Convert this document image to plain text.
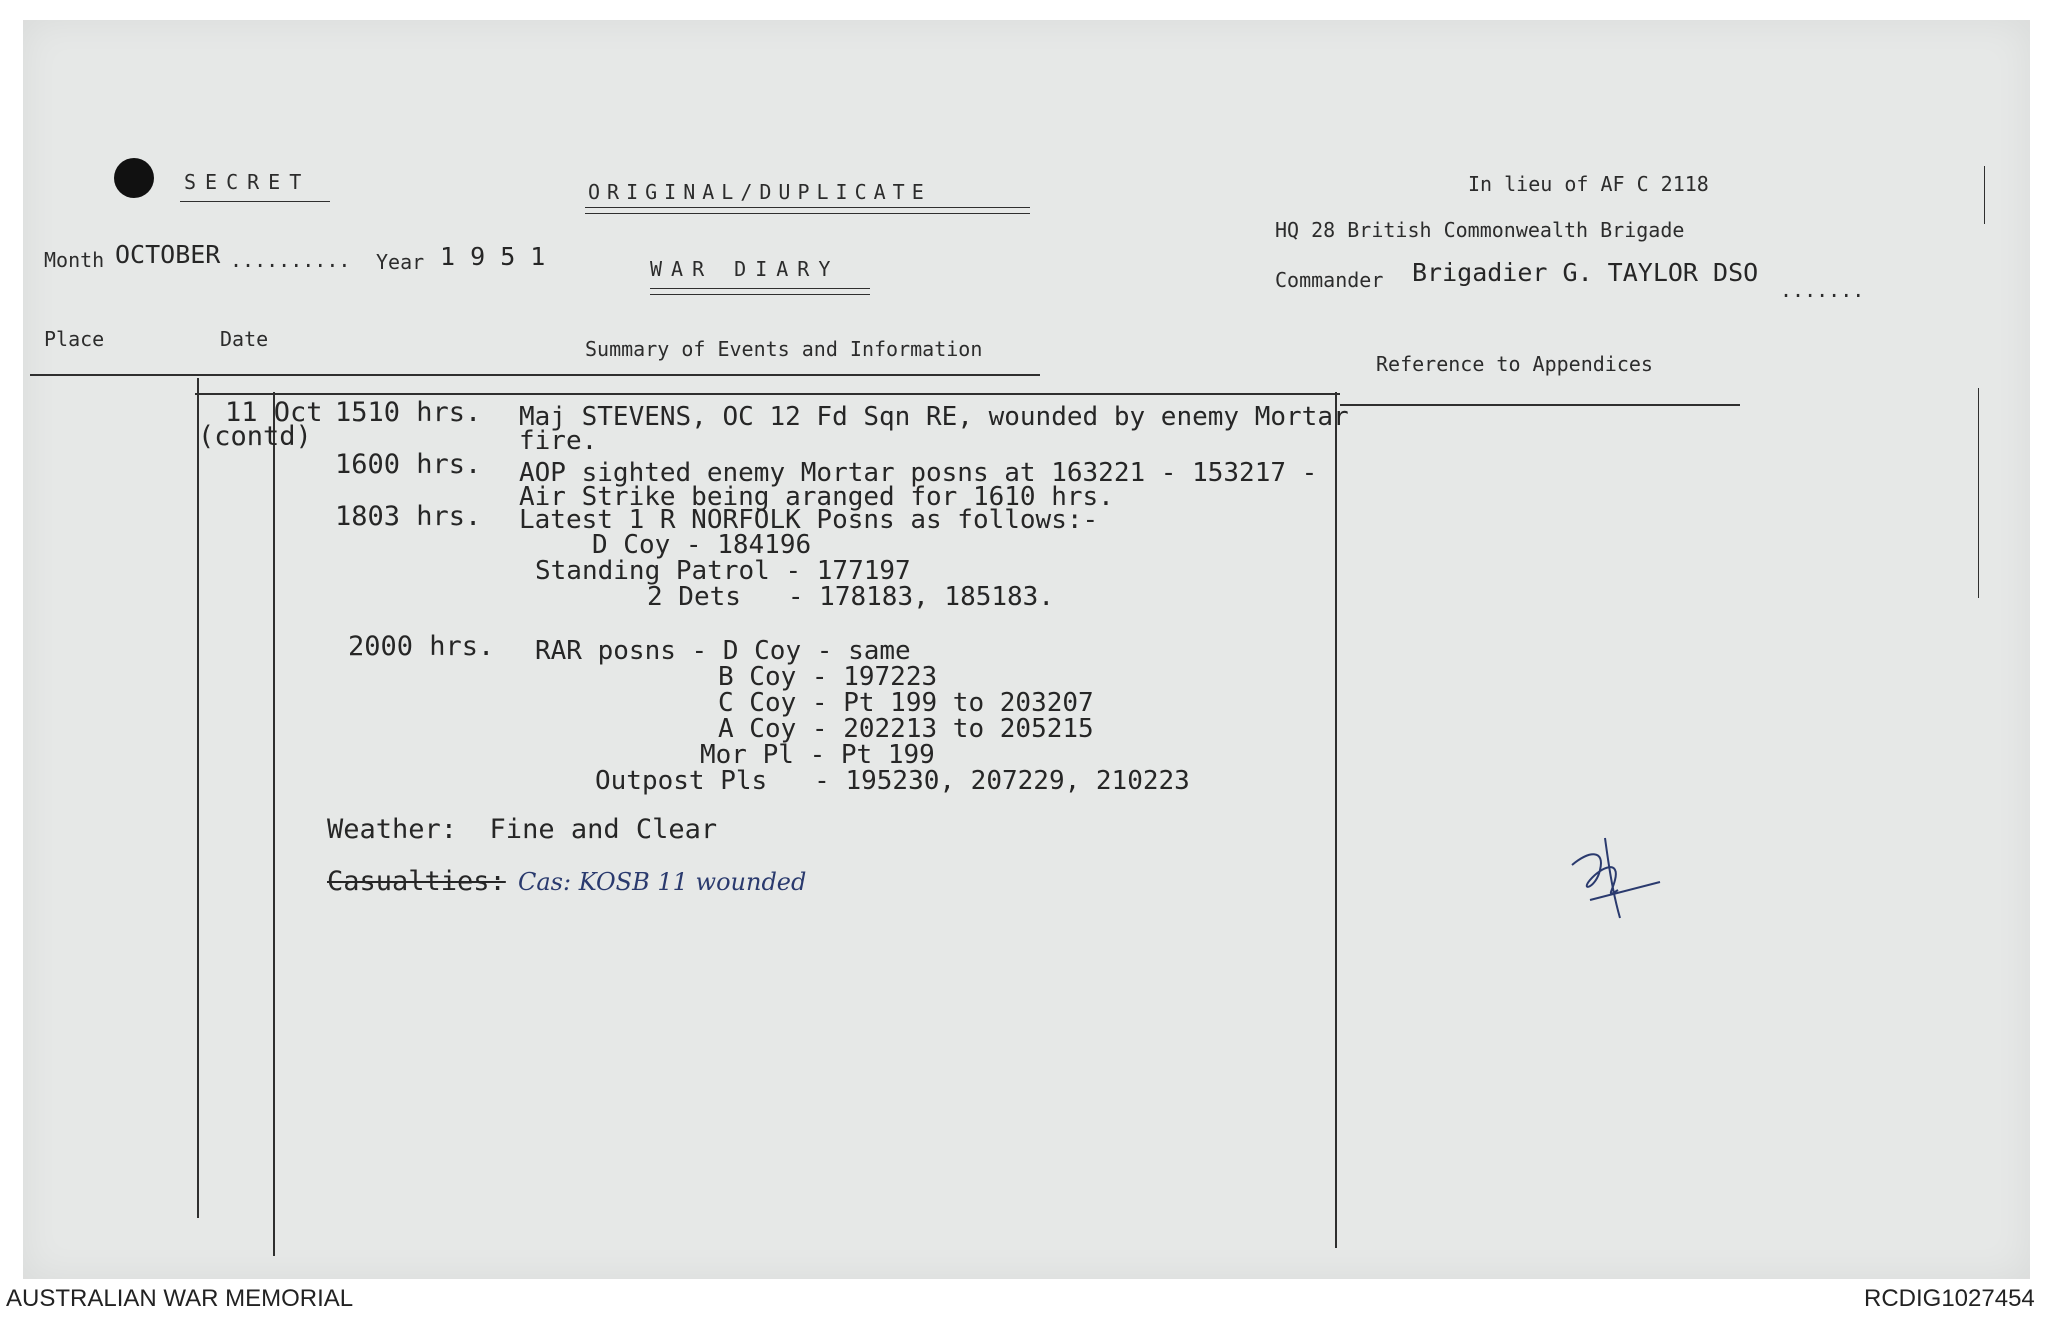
SECRET	ORIGINAL/DUPLICATE
WAR DIARY
In lieu of AF C 2118
HQ 28 British Commonwealth Brigade
Month OCTOBER .......... Year 1 9 5 1
Commander Brigadier G. TAYLOR DSO
.......
Place	Date	Summary of Events and Information
Reference to Appendices
11 Oct
(contd)
1510 hrs. Maj STEVENS, OC 12 Fd Sqn RE, wounded by enemy Mortar
fire.
1600 hrs. AOP sighted enemy Mortar posns at 163221 - 153217 -
Air Strike being aranged for 1610 hrs.
1803 hrs. Latest 1 R NORFOLK Posns as follows:-
D Coy - 184196
Standing Patrol - 177197
2 Dets   - 178183, 185183.
2000 hrs. RAR posns - D Coy - same
B Coy - 197223
C Coy - Pt 199 to 203207
A Coy - 202213 to 205215
Mor Pl - Pt 199
Outpost Pls   - 195230, 207229, 210223
Weather:  Fine and Clear
Casualties: Cas: KOSB 11 wounded
AUSTRALIAN WAR MEMORIAL	RCDIG1027454
